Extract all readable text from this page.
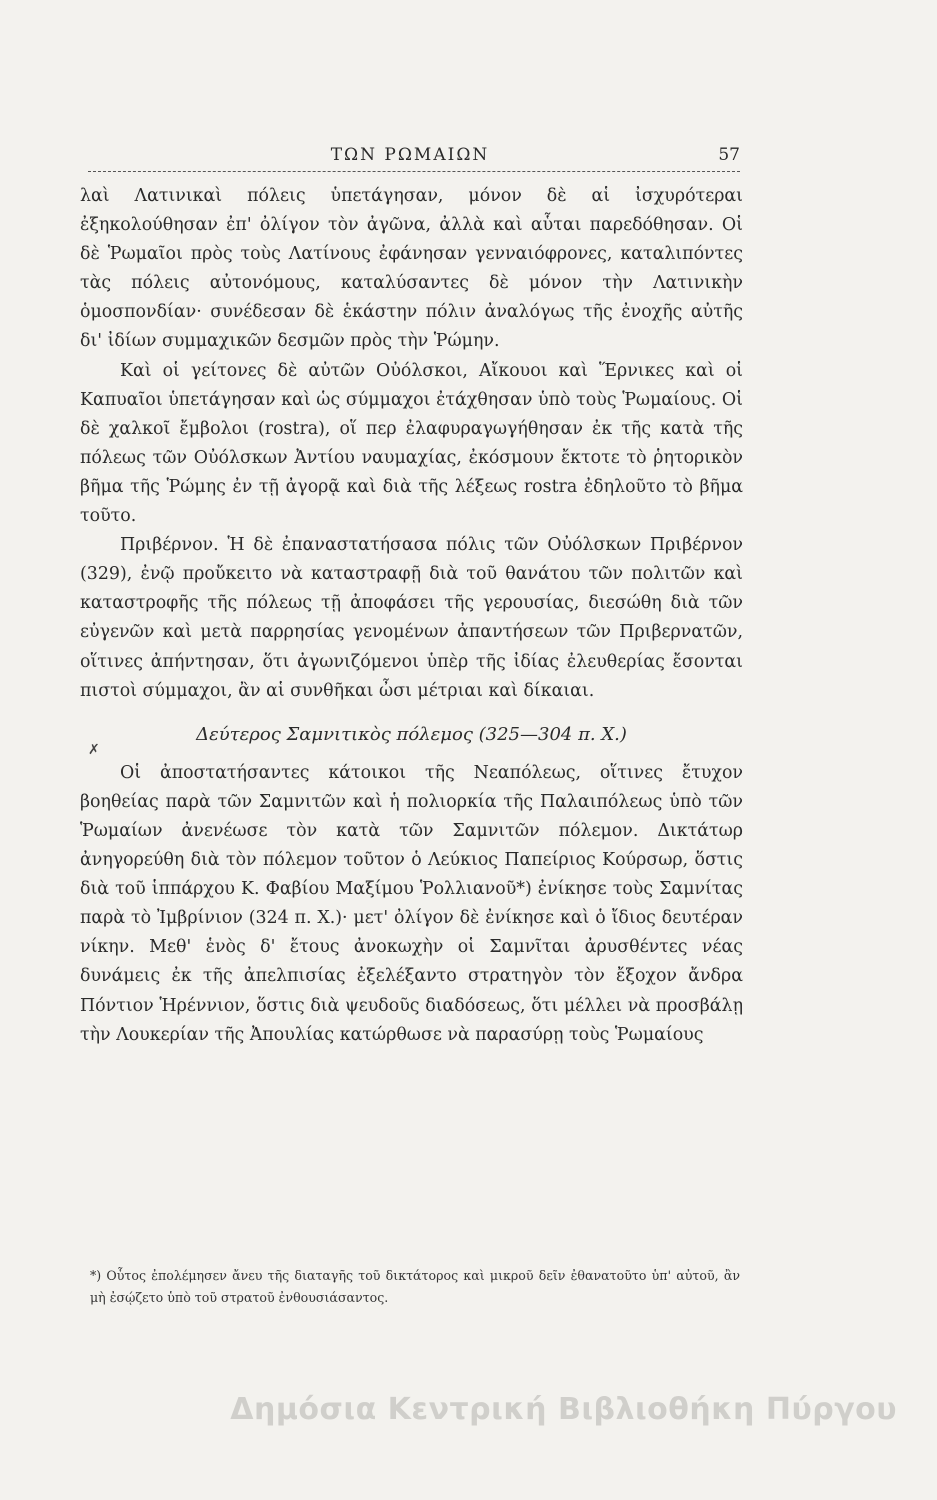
ΤΩΝ ΡΩΜΑΙΩΝ	57

λαὶ Λατινικαὶ πόλεις ὑπετάγησαν, μόνον δὲ αἱ ἰσχυρότεραι ἐξηκολούθησαν ἐπ' ὀλίγον τὸν ἀγῶνα, ἀλλὰ καὶ αὗται παρεδόθησαν. Οἱ δὲ Ῥωμαῖοι πρὸς τοὺς Λατίνους ἐφάνησαν γενναιόφρονες, καταλιπόντες τὰς πόλεις αὐτονόμους, καταλύσαντες δὲ μόνον τὴν Λατινικὴν ὁμοσπονδίαν· συνέδεσαν δὲ ἑκάστην πόλιν ἀναλόγως τῆς ἐνοχῆς αὐτῆς δι' ἰδίων συμμαχικῶν δεσμῶν πρὸς τὴν Ῥώμην.

Καὶ οἱ γείτονες δὲ αὐτῶν Οὐόλσκοι, Αἴκουοι καὶ Ἕρνικες καὶ οἱ Καπυαῖοι ὑπετάγησαν καὶ ὡς σύμμαχοι ἐτάχθησαν ὑπὸ τοὺς Ῥωμαίους. Οἱ δὲ χαλκοῖ ἔμβολοι (rostra), οἵ περ ἐλαφυραγωγήθησαν ἐκ τῆς κατὰ τῆς πόλεως τῶν Οὐόλσκων Ἀντίου ναυμαχίας, ἐκόσμουν ἔκτοτε τὸ ῥητορικὸν βῆμα τῆς Ῥώμης ἐν τῇ ἀγορᾷ καὶ διὰ τῆς λέξεως rostra ἐδηλοῦτο τὸ βῆμα τοῦτο.

Πριβέρνον. Ἡ δὲ ἐπαναστατήσασα πόλις τῶν Οὐόλσκων Πριβέρνον (329), ἐνῷ προὔκειτο νὰ καταστραφῇ διὰ τοῦ θανάτου τῶν πολιτῶν καὶ καταστροφῆς τῆς πόλεως τῇ ἀποφάσει τῆς γερουσίας, διεσώθη διὰ τῶν εὐγενῶν καὶ μετὰ παρρησίας γενομένων ἀπαντήσεων τῶν Πριβερνατῶν, οἵτινες ἀπήντησαν, ὅτι ἀγωνιζόμενοι ὑπὲρ τῆς ἰδίας ἐλευθερίας ἔσονται πιστοὶ σύμμαχοι, ἂν αἱ συνθῆκαι ὦσι μέτριαι καὶ δίκαιαι.

Δεύτερος Σαμνιτικὸς πόλεμος (325—304 π. Χ.)
✗

Οἱ ἀποστατήσαντες κάτοικοι τῆς Νεαπόλεως, οἵτινες ἔτυχον βοηθείας παρὰ τῶν Σαμνιτῶν καὶ ἡ πολιορκία τῆς Παλαιπόλεως ὑπὸ τῶν Ῥωμαίων ἀνενέωσε τὸν κατὰ τῶν Σαμνιτῶν πόλεμον. Δικτάτωρ ἀνηγορεύθη διὰ τὸν πόλεμον τοῦτον ὁ Λεύκιος Παπείριος Κούρσωρ, ὅστις διὰ τοῦ ἱππάρχου Κ. Φαβίου Μαξίμου Ῥολλιανοῦ*) ἐνίκησε τοὺς Σαμνίτας παρὰ τὸ Ἰμβρίνιον (324 π. Χ.)· μετ' ὀλίγον δὲ ἐνίκησε καὶ ὁ ἴδιος δευτέραν νίκην. Μεθ' ἑνὸς δ' ἔτους ἀνοκωχὴν οἱ Σαμνῖται ἀρυσθέντες νέας δυνάμεις ἐκ τῆς ἀπελπισίας ἐξελέξαντο στρατηγὸν τὸν ἔξοχον ἄνδρα Πόντιον Ἡρέννιον, ὅστις διὰ ψευδοῦς διαδόσεως, ὅτι μέλλει νὰ προσβάλῃ τὴν Λουκερίαν τῆς Ἀπουλίας κατώρθωσε νὰ παρασύρῃ τοὺς Ῥωμαίους

*) Οὗτος ἐπολέμησεν ἄνευ τῆς διαταγῆς τοῦ δικτάτορος καὶ μικροῦ δεῖν ἐθανατοῦτο ὑπ' αὐτοῦ, ἂν μὴ ἐσῴζετο ὑπὸ τοῦ στρατοῦ ἐνθουσιάσαντος.

Δημόσια Κεντρική Βιβλιοθήκη Πύργου
